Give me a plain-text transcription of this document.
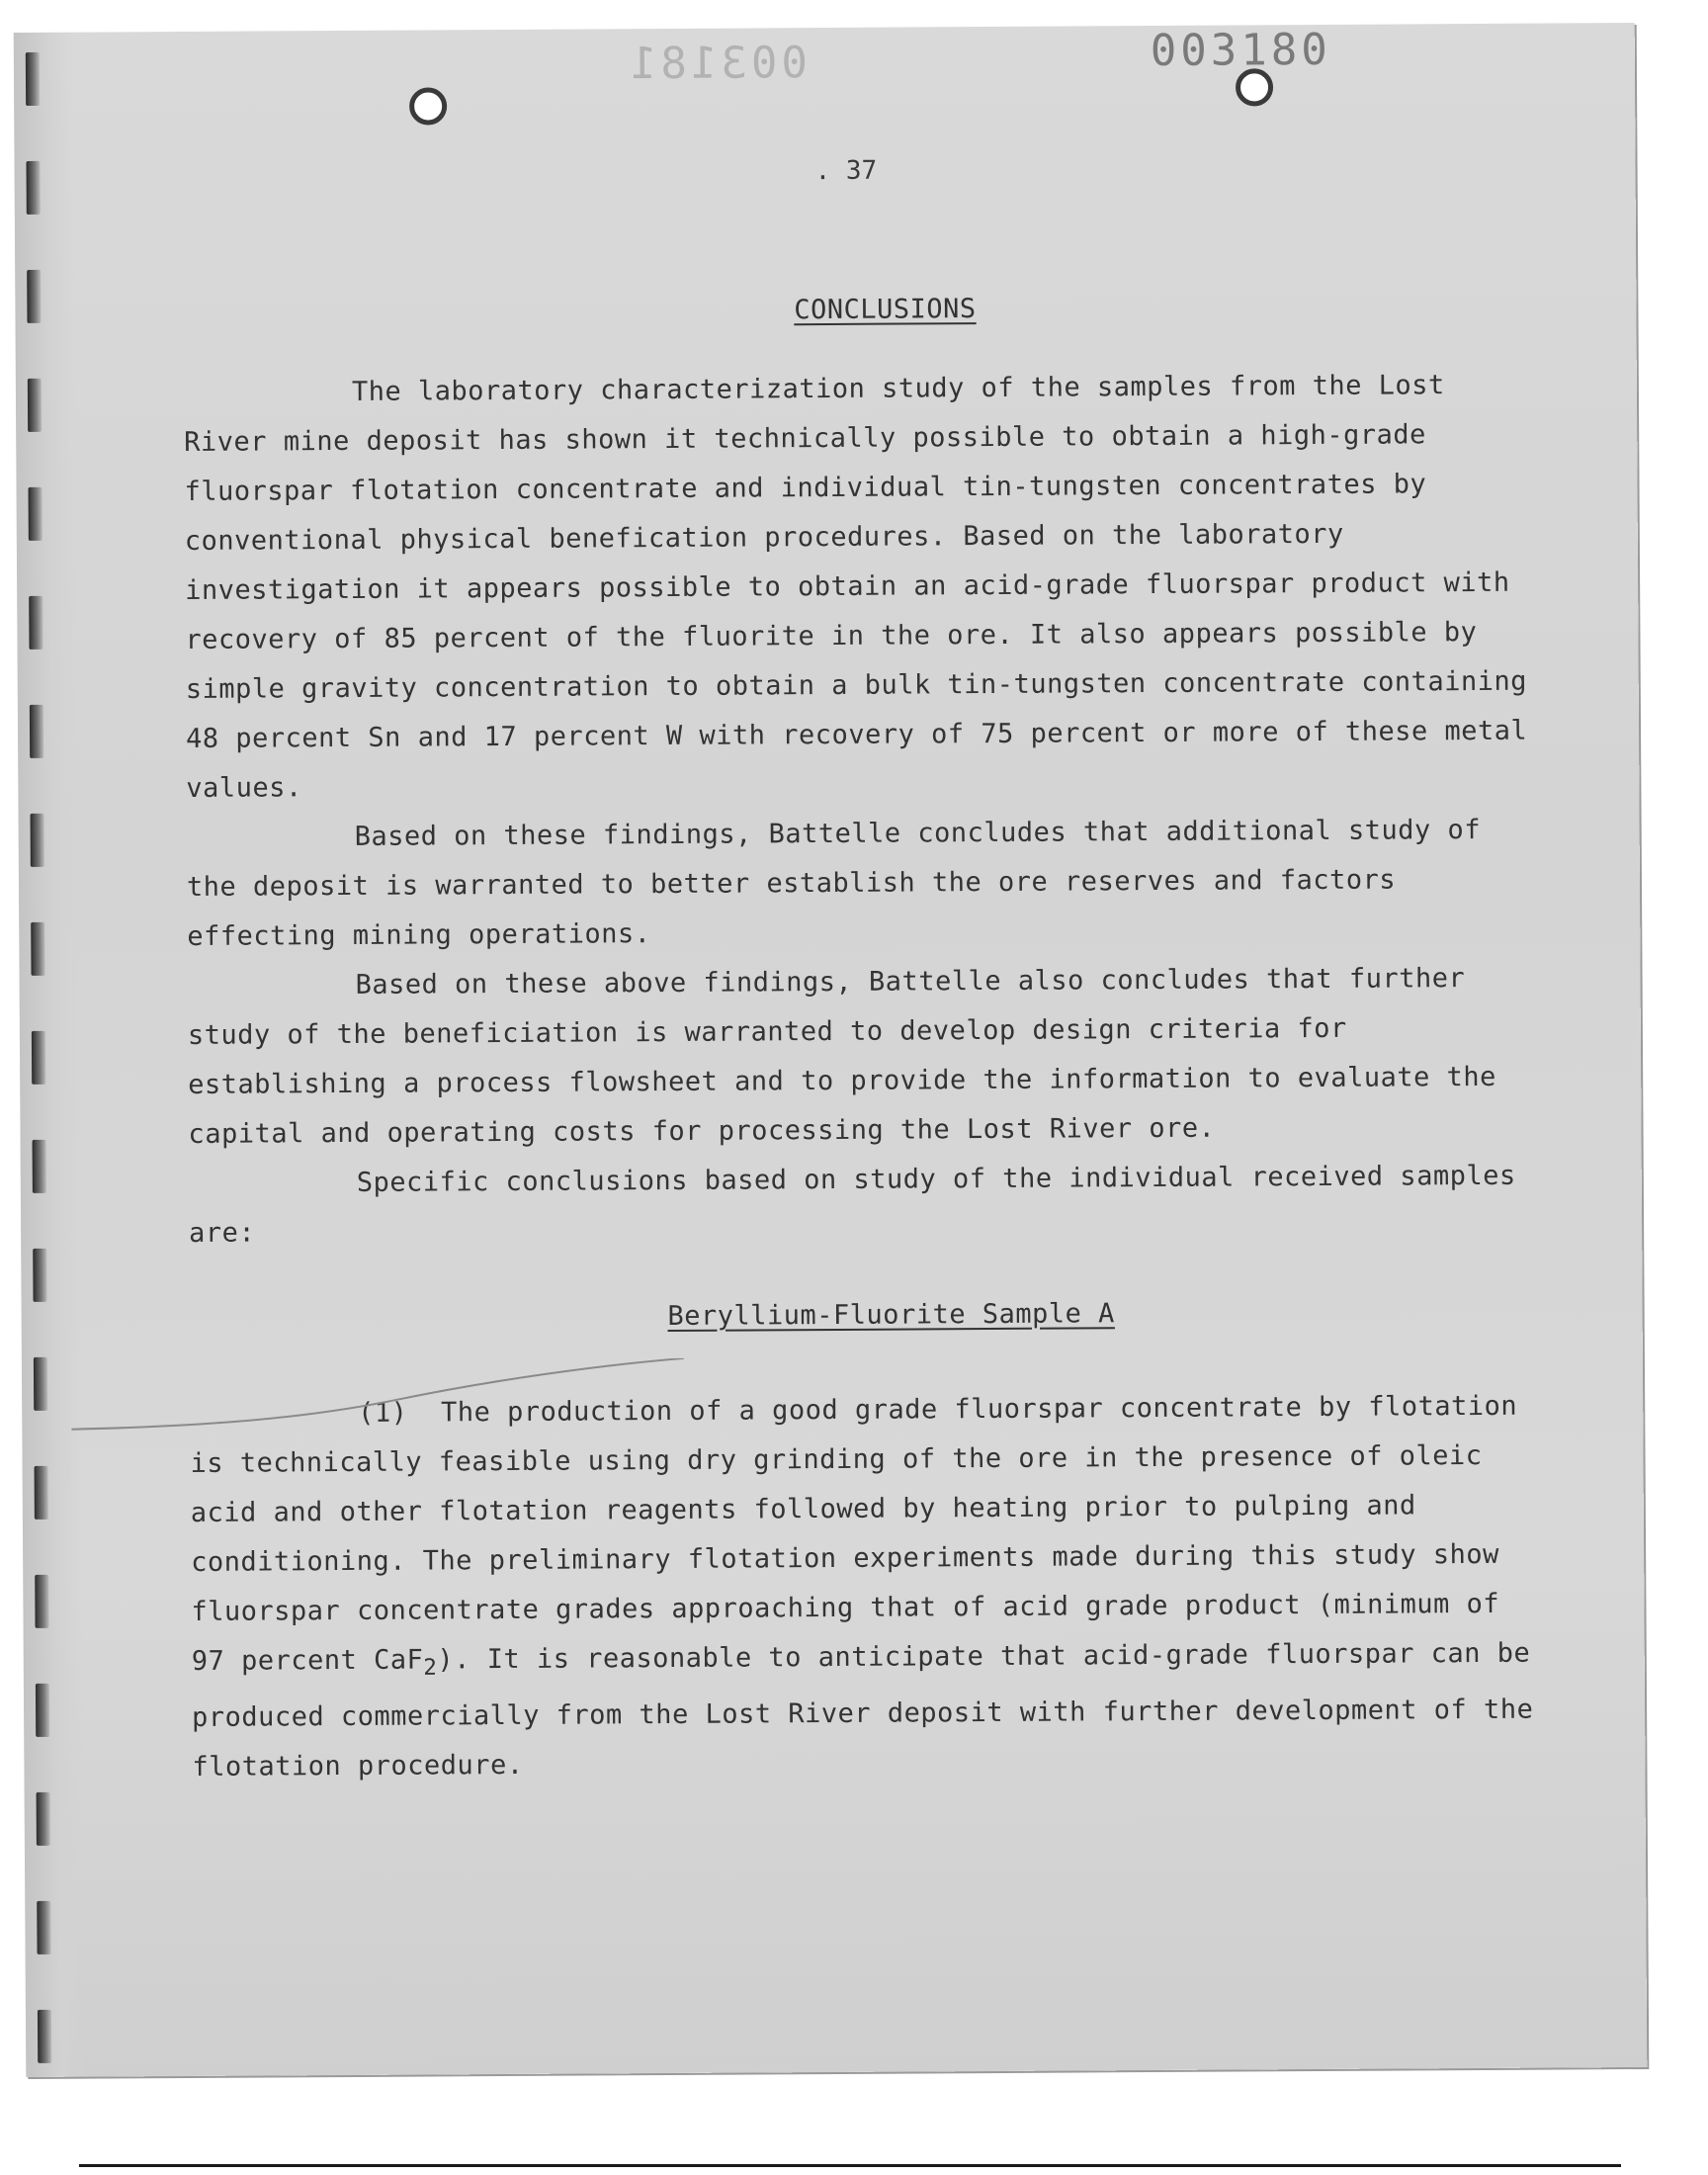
003181	003180
. 37
CONCLUSIONS

The laboratory characterization study of the samples from the Lost River mine deposit has shown it technically possible to obtain a high-grade fluorspar flotation concentrate and individual tin-tungsten concentrates by conventional physical benefication procedures. Based on the laboratory investigation it appears possible to obtain an acid-grade fluorspar product with recovery of 85 percent of the fluorite in the ore. It also appears possible by simple gravity concentration to obtain a bulk tin-tungsten concentrate containing 48 percent Sn and 17 percent W with recovery of 75 percent or more of these metal values.

Based on these findings, Battelle concludes that additional study of the deposit is warranted to better establish the ore reserves and factors effecting mining operations.

Based on these above findings, Battelle also concludes that further study of the beneficiation is warranted to develop design criteria for establishing a process flowsheet and to provide the information to evaluate the capital and operating costs for processing the Lost River ore.

Specific conclusions based on study of the individual received samples are:

Beryllium-Fluorite Sample A

(1) The production of a good grade fluorspar concentrate by flotation is technically feasible using dry grinding of the ore in the presence of oleic acid and other flotation reagents followed by heating prior to pulping and conditioning. The preliminary flotation experiments made during this study show fluorspar concentrate grades approaching that of acid grade product (minimum of 97 percent CaF$_2$). It is reasonable to anticipate that acid-grade fluorspar can be produced commercially from the Lost River deposit with further development of the flotation procedure.
